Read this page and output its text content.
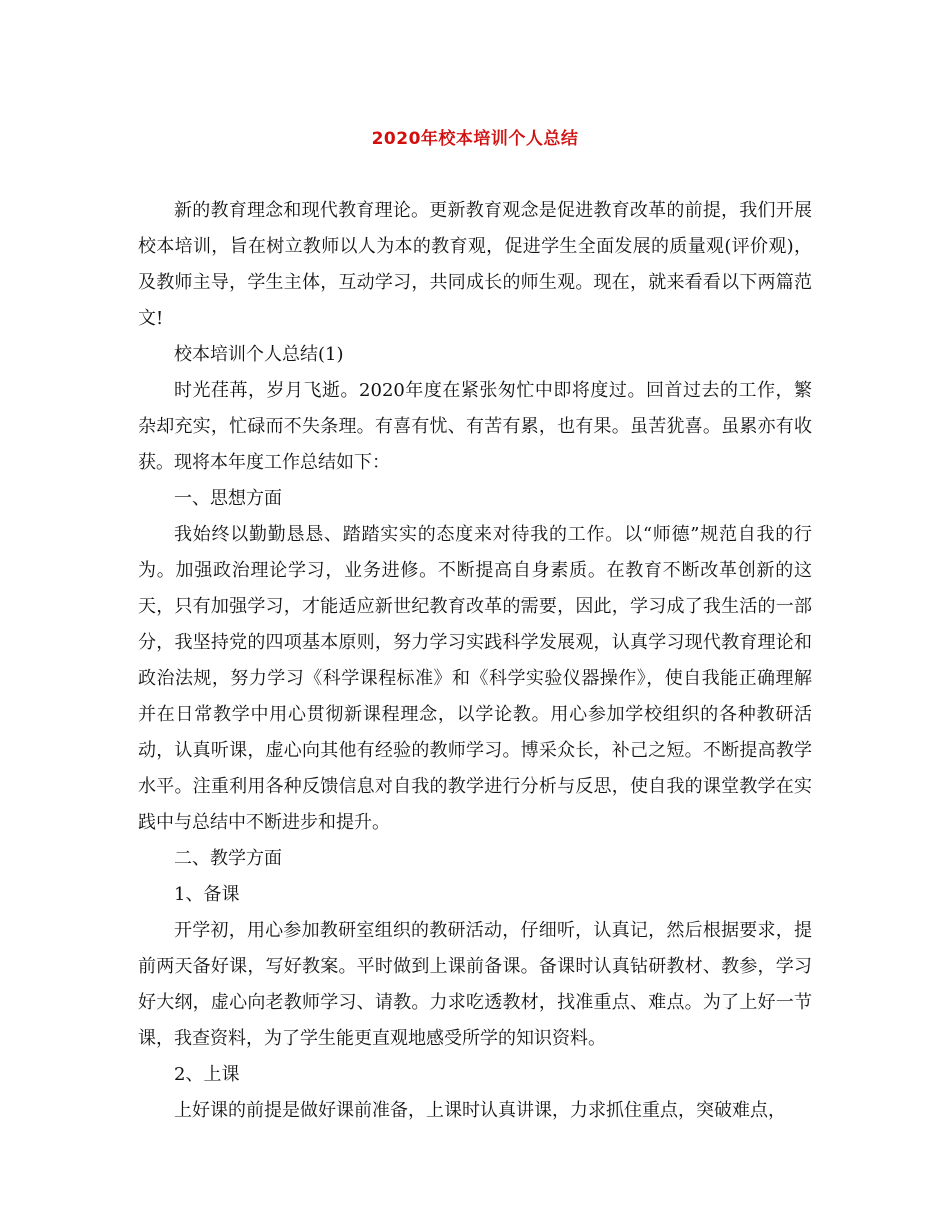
2020年校本培训个人总结

新的教育理念和现代教育理论。更新教育观念是促进教育改革的前提，我们开展校本培训，旨在树立教师以人为本的教育观，促进学生全面发展的质量观(评价观)，及教师主导，学生主体，互动学习，共同成长的师生观。现在，就来看看以下两篇范文!

校本培训个人总结(1)

时光荏苒，岁月飞逝。2020年度在紧张匆忙中即将度过。回首过去的工作，繁杂却充实，忙碌而不失条理。有喜有忧、有苦有累，也有果。虽苦犹喜。虽累亦有收获。现将本年度工作总结如下：

一、思想方面

我始终以勤勤恳恳、踏踏实实的态度来对待我的工作。以“师德”规范自我的行为。加强政治理论学习，业务进修。不断提高自身素质。在教育不断改革创新的这天，只有加强学习，才能适应新世纪教育改革的需要，因此，学习成了我生活的一部分，我坚持党的四项基本原则，努力学习实践科学发展观，认真学习现代教育理论和政治法规，努力学习《科学课程标准》和《科学实验仪器操作》，使自我能正确理解并在日常教学中用心贯彻新课程理念，以学论教。用心参加学校组织的各种教研活动，认真听课，虚心向其他有经验的教师学习。博采众长，补己之短。不断提高教学水平。注重利用各种反馈信息对自我的教学进行分析与反思，使自我的课堂教学在实践中与总结中不断进步和提升。

二、教学方面

1、备课

开学初，用心参加教研室组织的教研活动，仔细听，认真记，然后根据要求，提前两天备好课，写好教案。平时做到上课前备课。备课时认真钻研教材、教参，学习好大纲，虚心向老教师学习、请教。力求吃透教材，找准重点、难点。为了上好一节课，我查资料，为了学生能更直观地感受所学的知识资料。

2、上课

上好课的前提是做好课前准备，上课时认真讲课，力求抓住重点，突破难点，
